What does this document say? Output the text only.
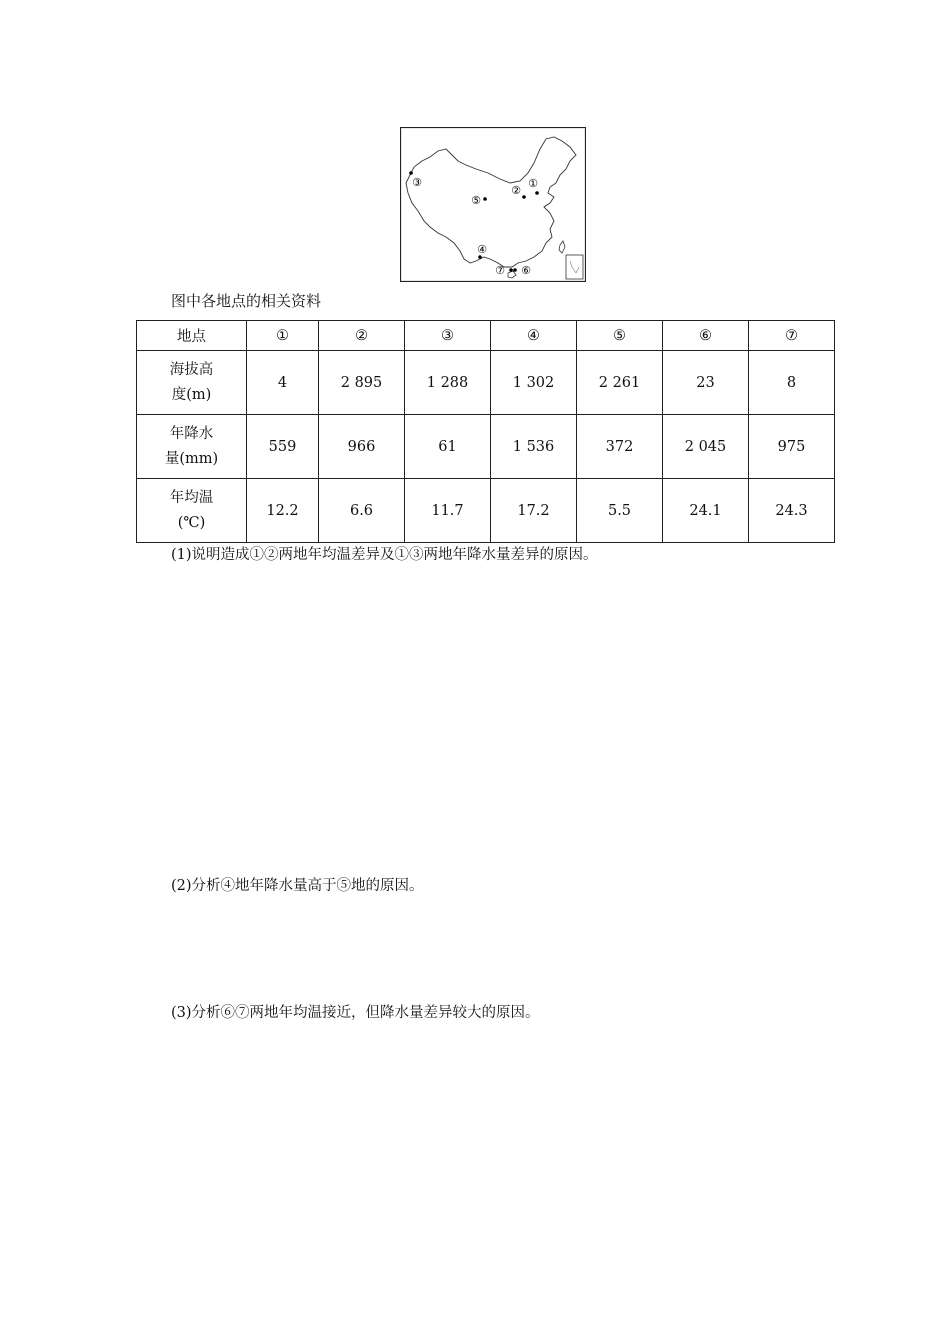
①
②
③
④
⑤
⑥
⑦
图中各地点的相关资料
地点	①	②	③	④	⑤	⑥	⑦

海拔高
度(m)	4	2 895	1 288	1 302	2 261	23	8

年降水
量(mm)	559	966	61	1 536	372	2 045	975

年均温
(℃)	12.2	6.6	11.7	17.2	5.5	24.1	24.3
(1)说明造成①②两地年均温差异及①③两地年降水量差异的原因。
(2)分析④地年降水量高于⑤地的原因。
(3)分析⑥⑦两地年均温接近，但降水量差异较大的原因。
